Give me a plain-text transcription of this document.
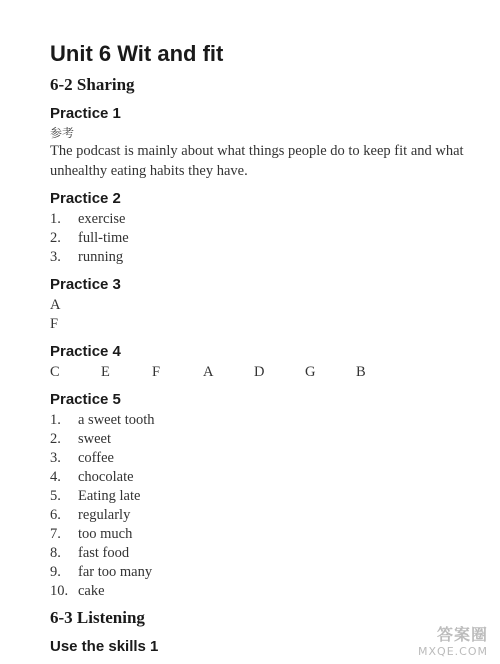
Unit 6 Wit and fit
6-2 Sharing
Practice 1
参考

The podcast is mainly about what things people do to keep fit and what unhealthy eating habits they have.

Practice 2
1.	exercise
2.	full-time
3.	running
Practice 3
A
F
Practice 4
C	E	F	A	D	G	B
Practice 5
1.	a sweet tooth
2.	sweet
3.	coffee
4.	chocolate
5.	Eating late
6.	regularly
7.	too much
8.	fast food
9.	far too many
10. cake
6-3 Listening
Use the skills 1
答案圈
MXQE.COM
